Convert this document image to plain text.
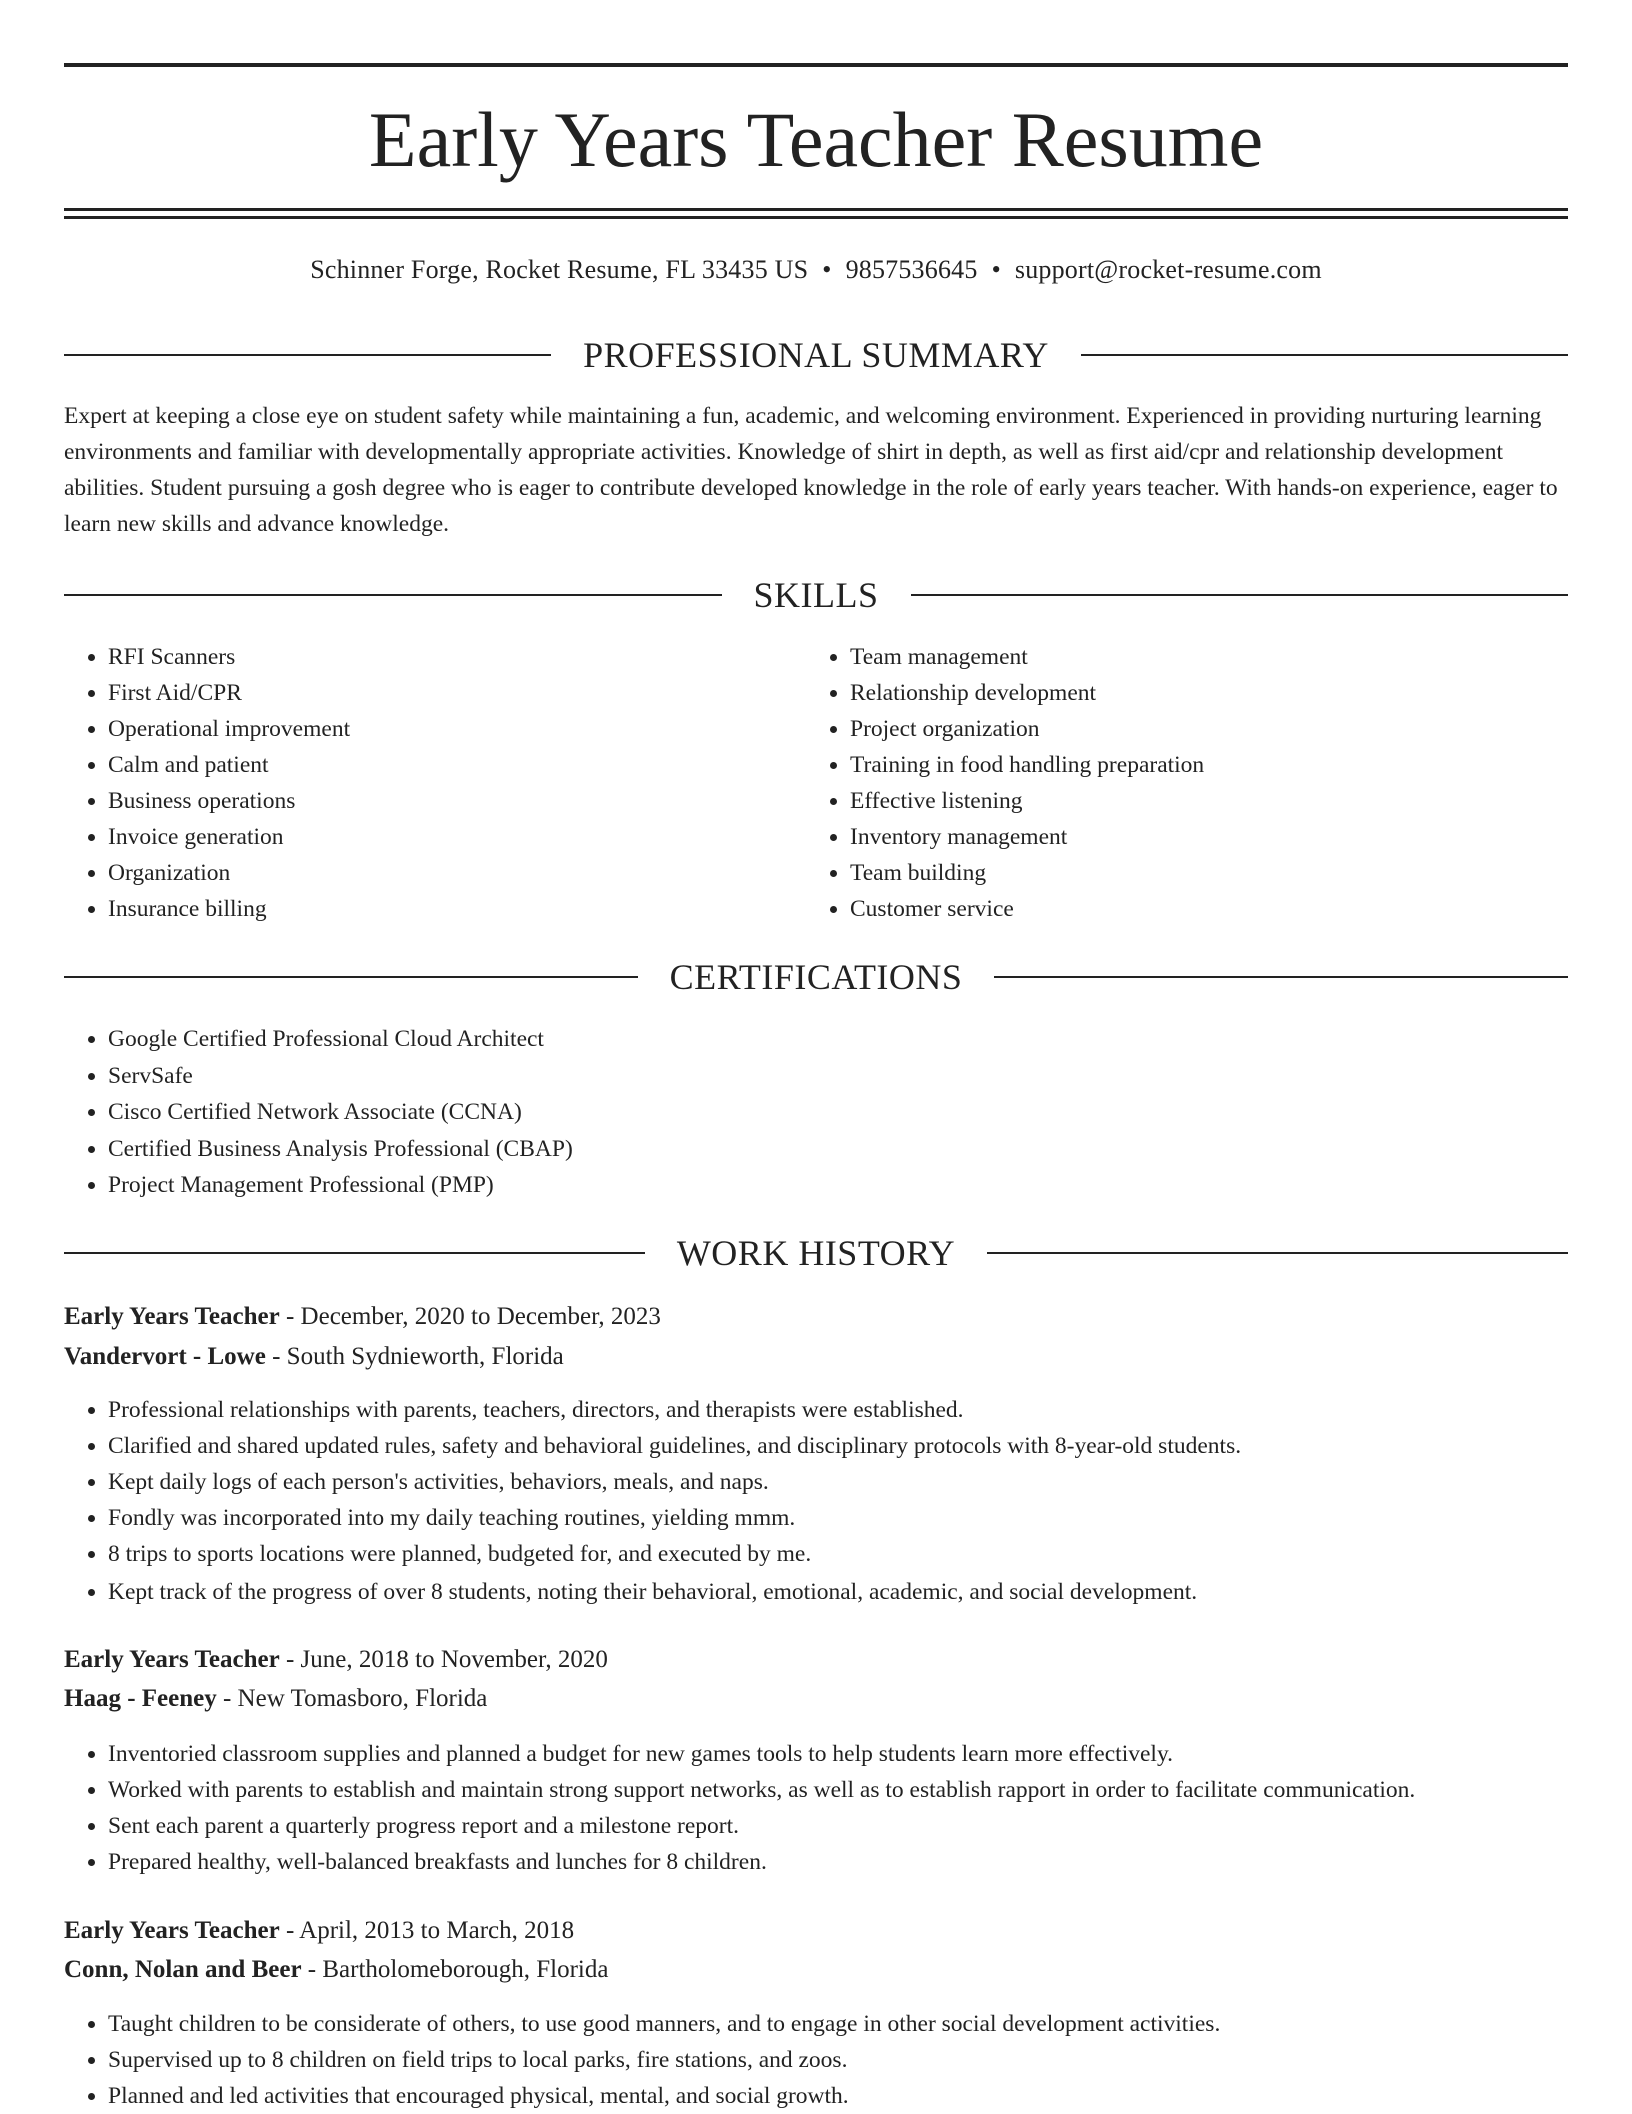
Early Years Teacher Resume
Schinner Forge, Rocket Resume, FL 33435 US • 9857536645 • support@rocket-resume.com
PROFESSIONAL SUMMARY

Expert at keeping a close eye on student safety while maintaining a fun, academic, and welcoming environment. Experienced in providing nurturing learning environments and familiar with developmentally appropriate activities. Knowledge of shirt in depth, as well as first aid/cpr and relationship development abilities. Student pursuing a gosh degree who is eager to contribute developed knowledge in the role of early years teacher. With hands-on experience, eager to learn new skills and advance knowledge.

SKILLS
• RFI Scanners
• First Aid/CPR
• Operational improvement
• Calm and patient
• Business operations
• Invoice generation
• Organization
• Insurance billing
• Team management
• Relationship development
• Project organization
• Training in food handling preparation
• Effective listening
• Inventory management
• Team building
• Customer service
CERTIFICATIONS
• Google Certified Professional Cloud Architect
• ServSafe
• Cisco Certified Network Associate (CCNA)
• Certified Business Analysis Professional (CBAP)
• Project Management Professional (PMP)
WORK HISTORY
Early Years Teacher - December, 2020 to December, 2023
Vandervort - Lowe - South Sydnieworth, Florida
• Professional relationships with parents, teachers, directors, and therapists were established.
• Clarified and shared updated rules, safety and behavioral guidelines, and disciplinary protocols with 8-year-old students.
• Kept daily logs of each person's activities, behaviors, meals, and naps.
• Fondly was incorporated into my daily teaching routines, yielding mmm.
• 8 trips to sports locations were planned, budgeted for, and executed by me.
• Kept track of the progress of over 8 students, noting their behavioral, emotional, academic, and social development.
Early Years Teacher - June, 2018 to November, 2020
Haag - Feeney - New Tomasboro, Florida
• Inventoried classroom supplies and planned a budget for new games tools to help students learn more effectively.
• Worked with parents to establish and maintain strong support networks, as well as to establish rapport in order to facilitate communication.
• Sent each parent a quarterly progress report and a milestone report.
• Prepared healthy, well-balanced breakfasts and lunches for 8 children.
Early Years Teacher - April, 2013 to March, 2018
Conn, Nolan and Beer - Bartholomeborough, Florida
• Taught children to be considerate of others, to use good manners, and to engage in other social development activities.
• Supervised up to 8 children on field trips to local parks, fire stations, and zoos.
• Planned and led activities that encouraged physical, mental, and social growth.
